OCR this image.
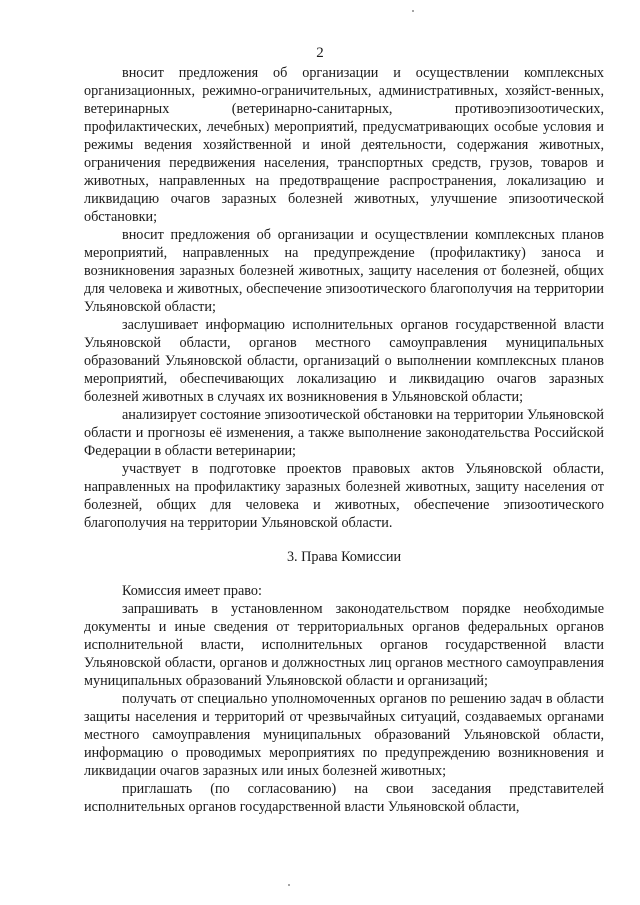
2

вносит предложения об организации и осуществлении комплексных организационных, режимно-ограничительных, административных, хозяйст-венных, ветеринарных (ветеринарно-санитарных, противоэпизоотических, профилактических, лечебных) мероприятий, предусматривающих особые условия и режимы ведения хозяйственной и иной деятельности, содержания животных, ограничения передвижения населения, транспортных средств, грузов, товаров и животных, направленных на предотвращение распространения, локализацию и ликвидацию очагов заразных болезней животных, улучшение эпизоотической обстановки;

вносит предложения об организации и осуществлении комплексных планов мероприятий, направленных на предупреждение (профилактику) заноса и возникновения заразных болезней животных, защиту населения от болезней, общих для человека и животных, обеспечение эпизоотического благополучия на территории Ульяновской области;

заслушивает информацию исполнительных органов государственной власти Ульяновской области, органов местного самоуправления муниципальных образований Ульяновской области, организаций о выполнении комплексных планов мероприятий, обеспечивающих локализацию и ликвидацию очагов заразных болезней животных в случаях их возникновения в Ульяновской области;

анализирует состояние эпизоотической обстановки на территории Ульяновской области и прогнозы её изменения, а также выполнение законодательства Российской Федерации в области ветеринарии;

участвует в подготовке проектов правовых актов Ульяновской области, направленных на профилактику заразных болезней животных, защиту населения от болезней, общих для человека и животных, обеспечение эпизоотического благополучия на территории Ульяновской области.

3. Права Комиссии

Комиссия имеет право:

запрашивать в установленном законодательством порядке необходимые документы и иные сведения от территориальных органов федеральных органов исполнительной власти, исполнительных органов государственной власти Ульяновской области, органов и должностных лиц органов местного самоуправления муниципальных образований Ульяновской области и организаций;

получать от специально уполномоченных органов по решению задач в области защиты населения и территорий от чрезвычайных ситуаций, создаваемых органами местного самоуправления муниципальных образований Ульяновской области, информацию о проводимых мероприятиях по предупреждению возникновения и ликвидации очагов заразных или иных болезней животных;

приглашать (по согласованию) на свои заседания представителей исполнительных органов государственной власти Ульяновской области,
